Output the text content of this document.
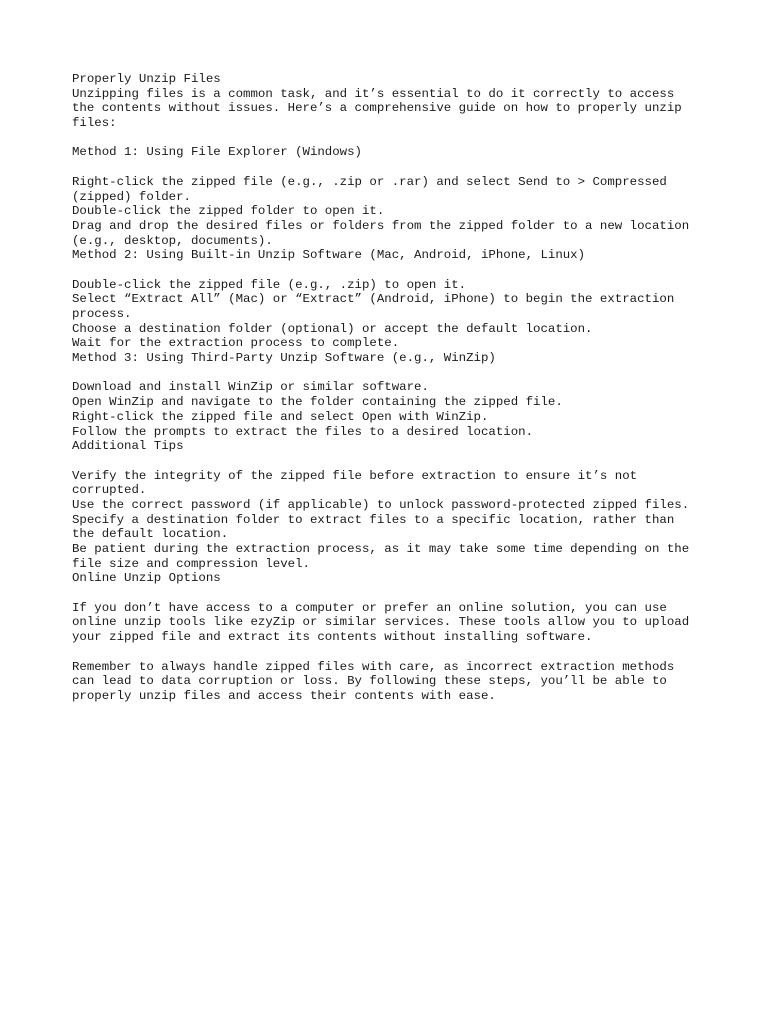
Properly Unzip Files
Unzipping files is a common task, and it’s essential to do it correctly to access
the contents without issues. Here’s a comprehensive guide on how to properly unzip
files:
Method 1: Using File Explorer (Windows)
Right-click the zipped file (e.g., .zip or .rar) and select Send to > Compressed
(zipped) folder.
Double-click the zipped folder to open it.
Drag and drop the desired files or folders from the zipped folder to a new location
(e.g., desktop, documents).
Method 2: Using Built-in Unzip Software (Mac, Android, iPhone, Linux)
Double-click the zipped file (e.g., .zip) to open it.
Select “Extract All” (Mac) or “Extract” (Android, iPhone) to begin the extraction
process.
Choose a destination folder (optional) or accept the default location.
Wait for the extraction process to complete.
Method 3: Using Third-Party Unzip Software (e.g., WinZip)
Download and install WinZip or similar software.
Open WinZip and navigate to the folder containing the zipped file.
Right-click the zipped file and select Open with WinZip.
Follow the prompts to extract the files to a desired location.
Additional Tips
Verify the integrity of the zipped file before extraction to ensure it’s not
corrupted.
Use the correct password (if applicable) to unlock password-protected zipped files.
Specify a destination folder to extract files to a specific location, rather than
the default location.
Be patient during the extraction process, as it may take some time depending on the
file size and compression level.
Online Unzip Options
If you don’t have access to a computer or prefer an online solution, you can use
online unzip tools like ezyZip or similar services. These tools allow you to upload
your zipped file and extract its contents without installing software.
Remember to always handle zipped files with care, as incorrect extraction methods
can lead to data corruption or loss. By following these steps, you’ll be able to
properly unzip files and access their contents with ease.
